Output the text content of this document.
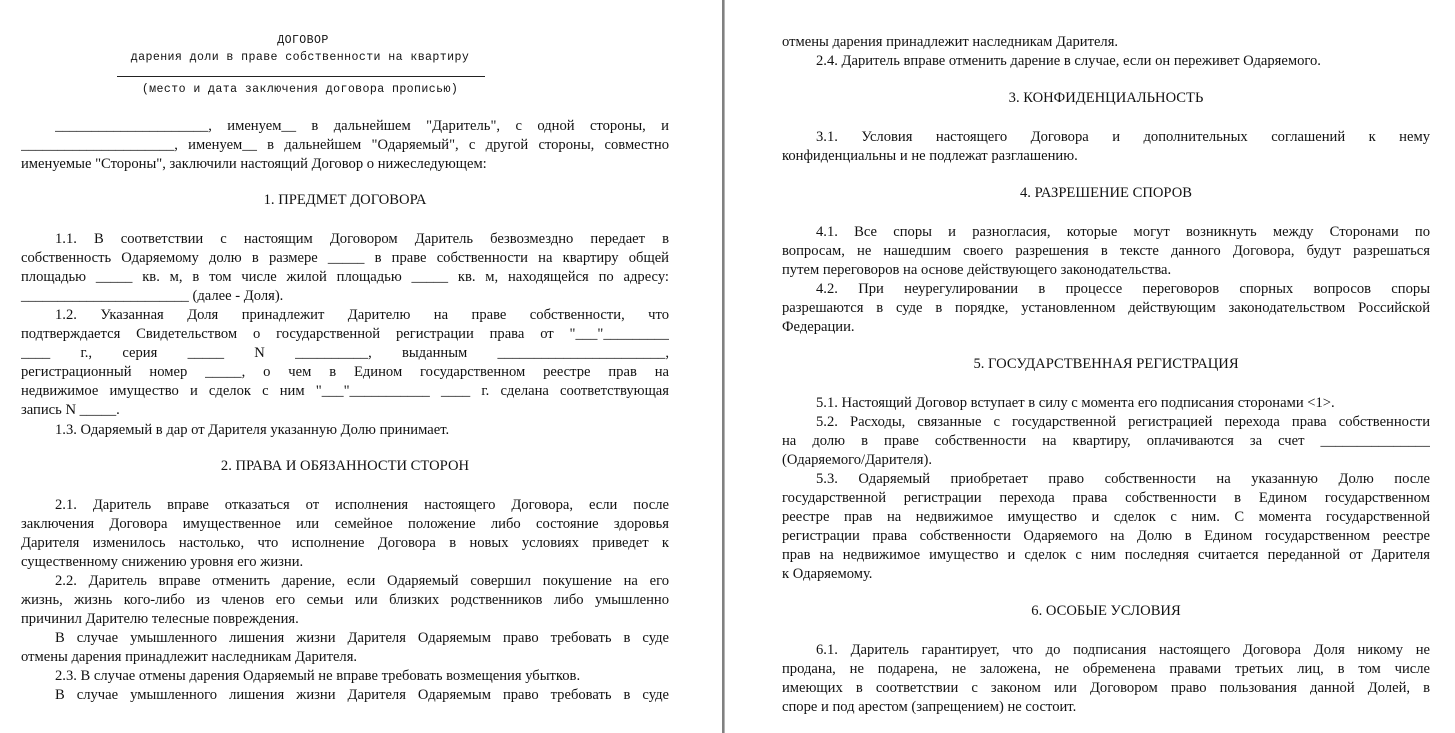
ДОГОВОР
дарения доли в праве собственности на квартиру
(место и дата заключения договора прописью)
_____________________, именуем__ в дальнейшем "Даритель", с одной стороны, и
_____________________, именуем__ в дальнейшем "Одаряемый", с другой стороны, совместно
именуемые "Стороны", заключили настоящий Договор о нижеследующем:
1. ПРЕДМЕТ ДОГОВОРА
1.1. В соответствии с настоящим Договором Даритель безвозмездно передает в
собственность Одаряемому долю в размере _____ в праве собственности на квартиру общей
площадью _____ кв. м, в том числе жилой площадью _____ кв. м, находящейся по адресу:
_______________________ (далее - Доля).
1.2. Указанная Доля принадлежит Дарителю на праве собственности, что
подтверждается Свидетельством о государственной регистрации права от "___"_________
____ г., серия _____ N __________, выданным _______________________,
регистрационный номер _____, о чем в Едином государственном реестре прав на
недвижимое имущество и сделок с ним "___"___________ ____ г. сделана соответствующая
запись N _____.
1.3. Одаряемый в дар от Дарителя указанную Долю принимает.
2. ПРАВА И ОБЯЗАННОСТИ СТОРОН
2.1. Даритель вправе отказаться от исполнения настоящего Договора, если после
заключения Договора имущественное или семейное положение либо состояние здоровья
Дарителя изменилось настолько, что исполнение Договора в новых условиях приведет к
существенному снижению уровня его жизни.
2.2. Даритель вправе отменить дарение, если Одаряемый совершил покушение на его
жизнь, жизнь кого-либо из членов его семьи или близких родственников либо умышленно
причинил Дарителю телесные повреждения.
В случае умышленного лишения жизни Дарителя Одаряемым право требовать в суде
отмены дарения принадлежит наследникам Дарителя.
2.3. В случае отмены дарения Одаряемый не вправе требовать возмещения убытков.
В случае умышленного лишения жизни Дарителя Одаряемым право требовать в суде
отмены дарения принадлежит наследникам Дарителя.
2.4. Даритель вправе отменить дарение в случае, если он переживет Одаряемого.
3. КОНФИДЕНЦИАЛЬНОСТЬ
3.1. Условия настоящего Договора и дополнительных соглашений к нему
конфиденциальны и не подлежат разглашению.
4. РАЗРЕШЕНИЕ СПОРОВ
4.1. Все споры и разногласия, которые могут возникнуть между Сторонами по
вопросам, не нашедшим своего разрешения в тексте данного Договора, будут разрешаться
путем переговоров на основе действующего законодательства.
4.2. При неурегулировании в процессе переговоров спорных вопросов споры
разрешаются в суде в порядке, установленном действующим законодательством Российской
Федерации.
5. ГОСУДАРСТВЕННАЯ РЕГИСТРАЦИЯ
5.1. Настоящий Договор вступает в силу с момента его подписания сторонами <1>.
5.2. Расходы, связанные с государственной регистрацией перехода права собственности
на долю в праве собственности на квартиру, оплачиваются за счет _______________
(Одаряемого/Дарителя).
5.3. Одаряемый приобретает право собственности на указанную Долю после
государственной регистрации перехода права собственности в Едином государственном
реестре прав на недвижимое имущество и сделок с ним. С момента государственной
регистрации права собственности Одаряемого на Долю в Едином государственном реестре
прав на недвижимое имущество и сделок с ним последняя считается переданной от Дарителя
к Одаряемому.
6. ОСОБЫЕ УСЛОВИЯ
6.1. Даритель гарантирует, что до подписания настоящего Договора Доля никому не
продана, не подарена, не заложена, не обременена правами третьих лиц, в том числе
имеющих в соответствии с законом или Договором право пользования данной Долей, в
споре и под арестом (запрещением) не состоит.
